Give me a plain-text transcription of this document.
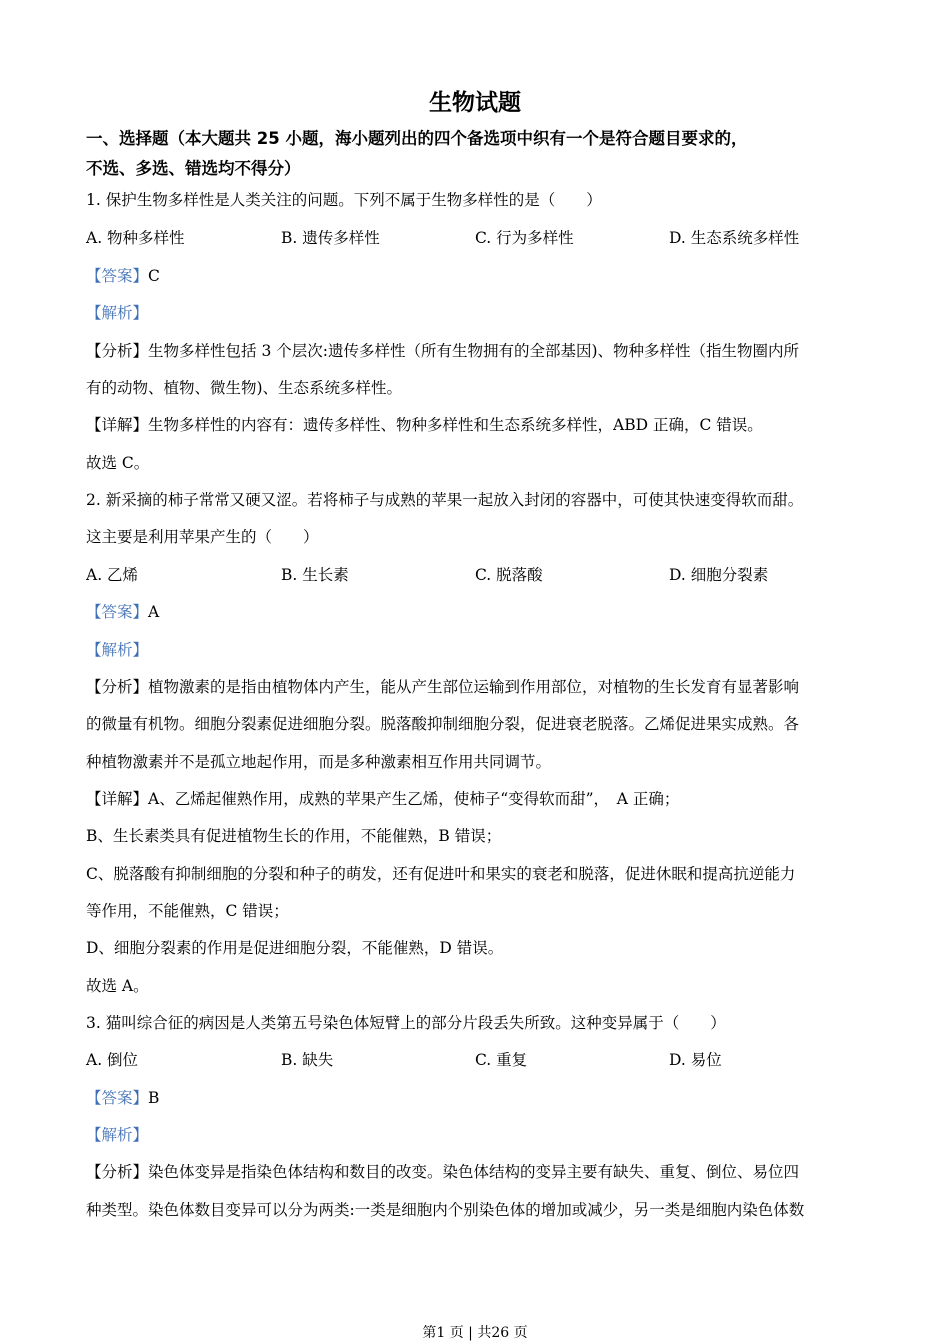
生物试题
一、选择题（本大题共 25 小题，海小题列出的四个备选项中织有一个是符合题目要求的，
不选、多选、错选均不得分）
1. 保护生物多样性是人类关注的问题。下列不属于生物多样性的是（　　）
A. 物种多样性	B. 遗传多样性	C. 行为多样性	D. 生态系统多样性
【答案】C
【解析】
【分析】生物多样性包括 3 个层次:遗传多样性（所有生物拥有的全部基因)、物种多样性（指生物圈内所
有的动物、植物、微生物)、生态系统多样性。
【详解】生物多样性的内容有：遗传多样性、物种多样性和生态系统多样性，ABD 正确，C 错误。
故选 C。
2. 新采摘的柿子常常又硬又涩。若将柿子与成熟的苹果一起放入封闭的容器中，可使其快速变得软而甜。
这主要是利用苹果产生的（　　）
A. 乙烯	B. 生长素	C. 脱落酸	D. 细胞分裂素
【答案】A
【解析】
【分析】植物激素的是指由植物体内产生，能从产生部位运输到作用部位，对植物的生长发育有显著影响
的微量有机物。细胞分裂素促进细胞分裂。脱落酸抑制细胞分裂，促进衰老脱落。乙烯促进果实成熟。各
种植物激素并不是孤立地起作用，而是多种激素相互作用共同调节。
【详解】A、乙烯起催熟作用，成熟的苹果产生乙烯，使柿子“变得软而甜”，　A 正确；
B、生长素类具有促进植物生长的作用，不能催熟，B 错误；
C、脱落酸有抑制细胞的分裂和种子的萌发，还有促进叶和果实的衰老和脱落，促进休眠和提高抗逆能力
等作用，不能催熟，C 错误；
D、细胞分裂素的作用是促进细胞分裂，不能催熟，D 错误。
故选 A。
3. 猫叫综合征的病因是人类第五号染色体短臂上的部分片段丢失所致。这种变异属于（　　）
A. 倒位	B. 缺失	C. 重复	D. 易位
【答案】B
【解析】
【分析】染色体变异是指染色体结构和数目的改变。染色体结构的变异主要有缺失、重复、倒位、易位四
种类型。染色体数目变异可以分为两类:一类是细胞内个别染色体的增加或减少，另一类是细胞内染色体数
第1 页 | 共26 页
